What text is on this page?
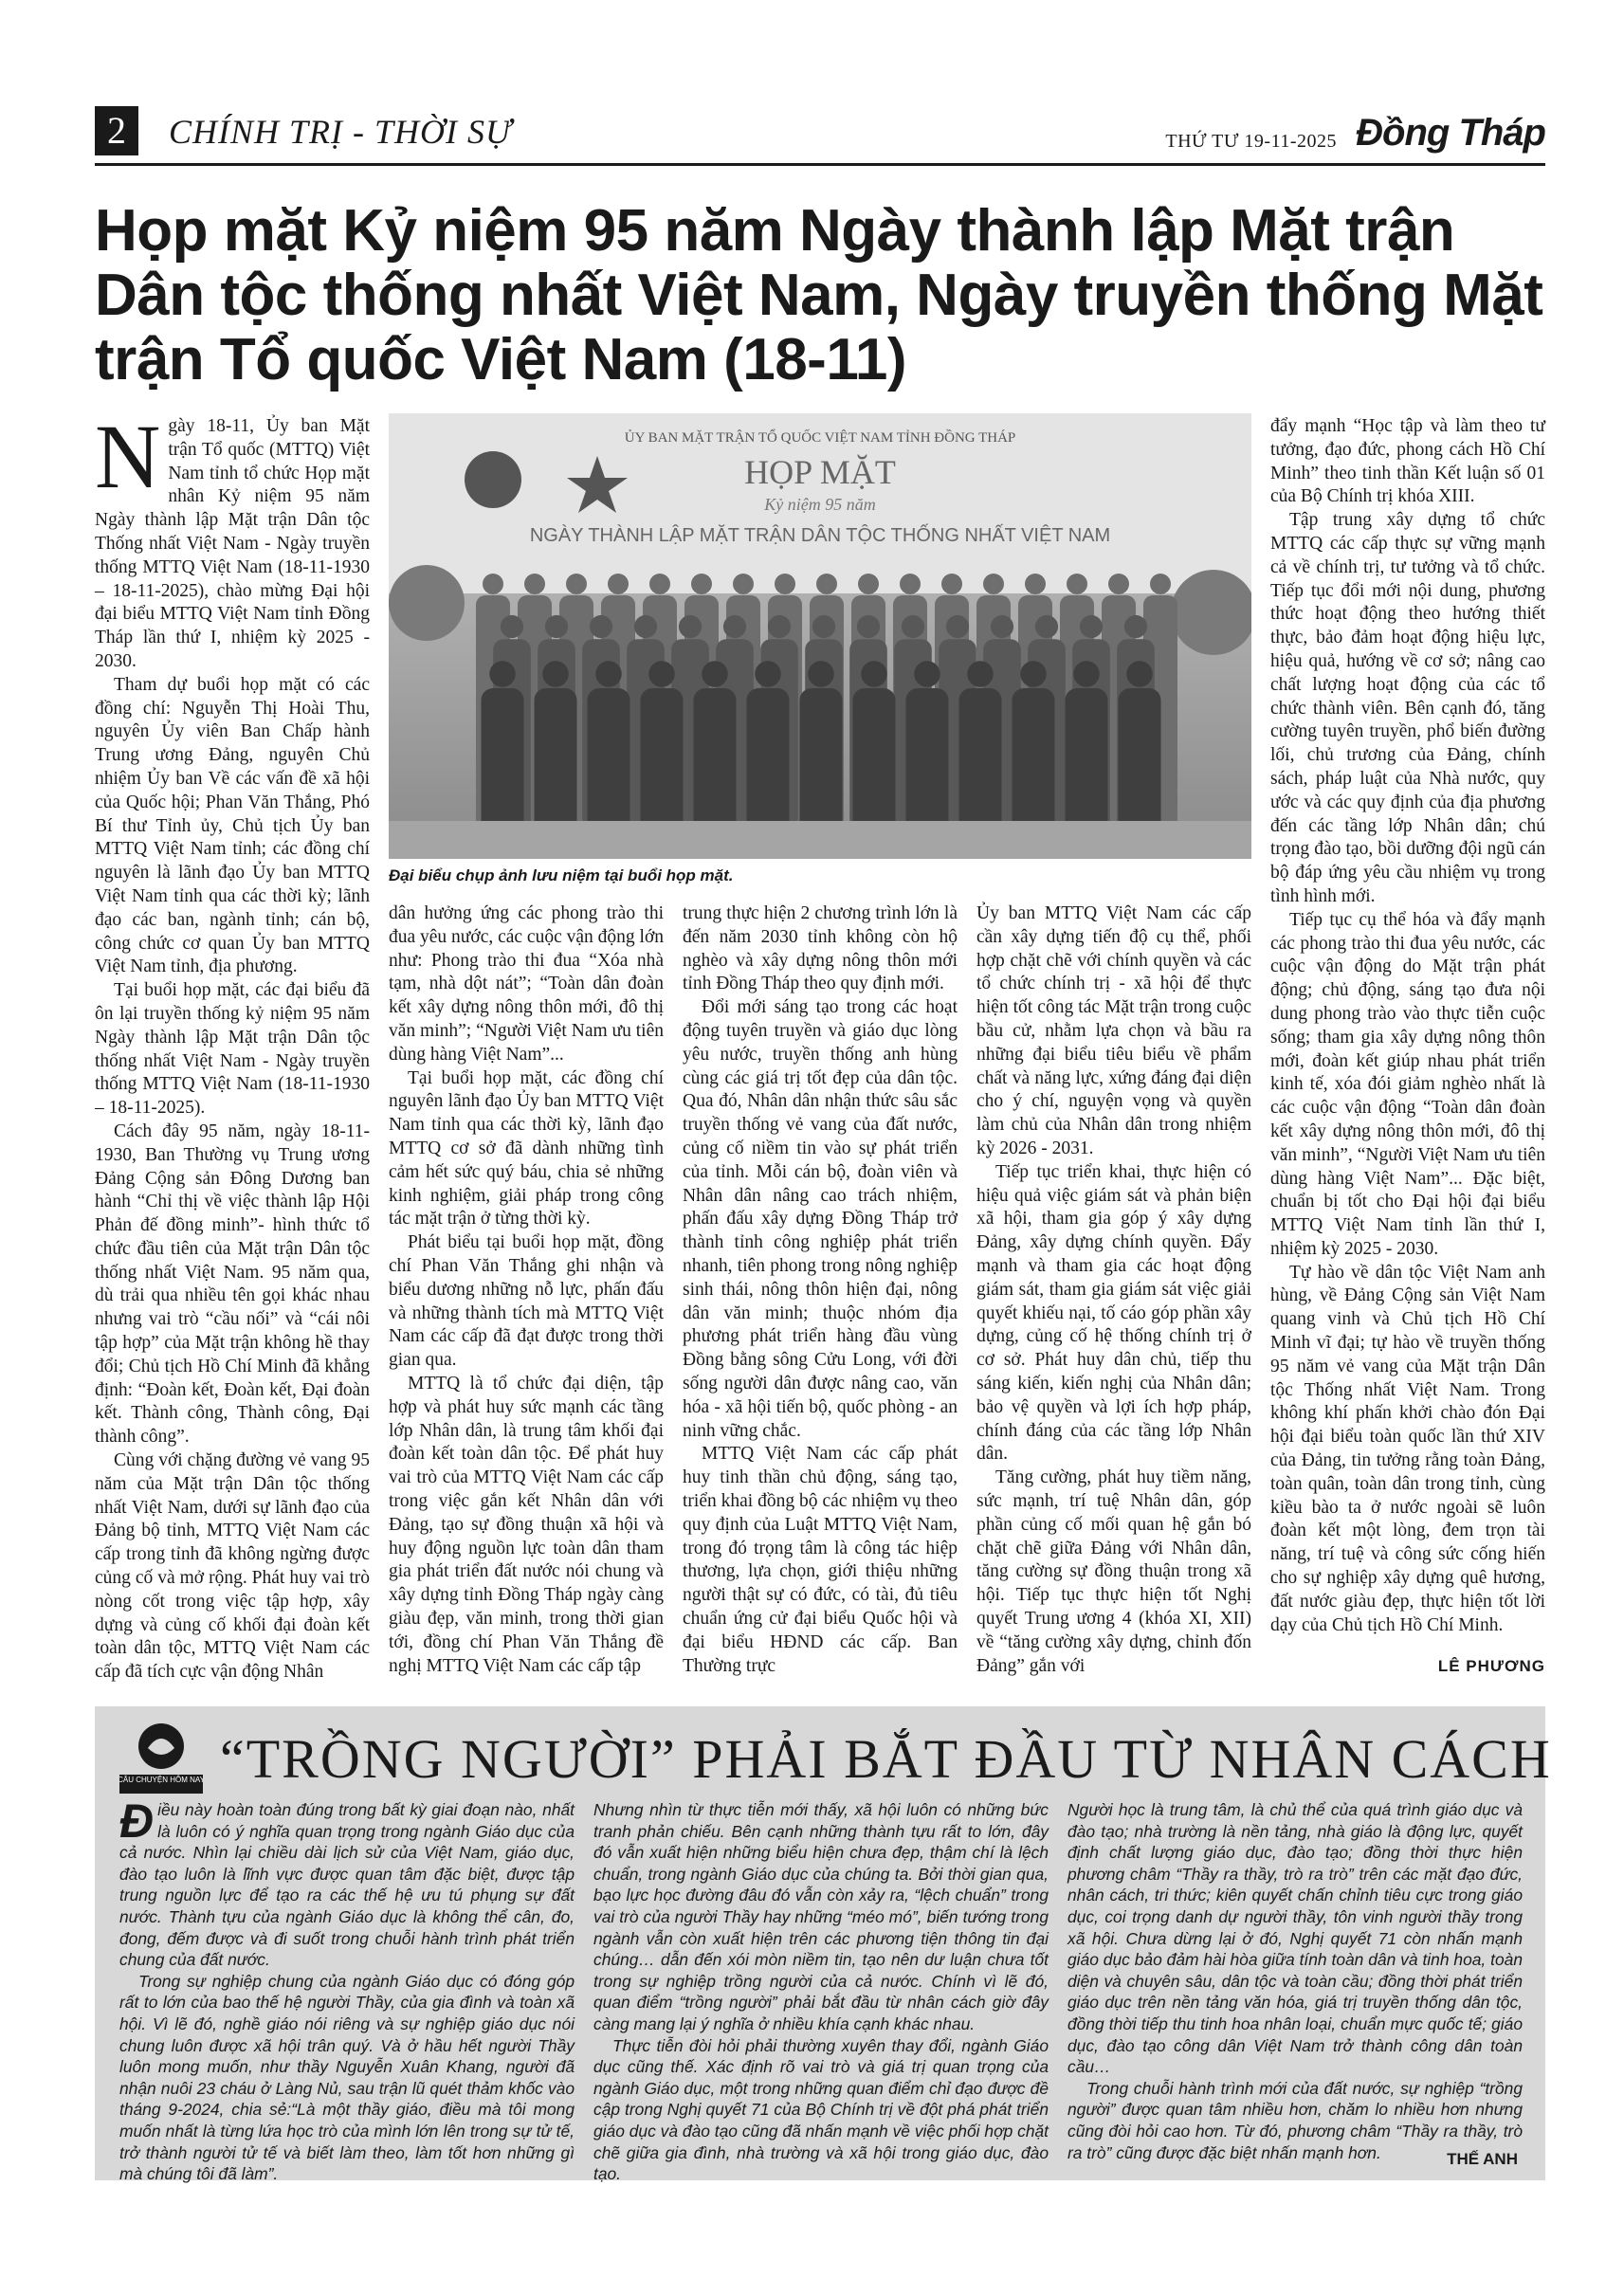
2	CHÍNH TRỊ - THỜI SỰ	THỨ TƯ 19-11-2025 Đồng Tháp
Họp mặt Kỷ niệm 95 năm Ngày thành lập Mặt trận Dân tộc thống nhất Việt Nam, Ngày truyền thống Mặt trận Tổ quốc Việt Nam (18-11)

Ngày 18-11, Ủy ban Mặt trận Tổ quốc (MTTQ) Việt Nam tỉnh tổ chức Họp mặt nhân Kỷ niệm 95 năm Ngày thành lập Mặt trận Dân tộc Thống nhất Việt Nam - Ngày truyền thống MTTQ Việt Nam (18-11-1930 – 18-11-2025), chào mừng Đại hội đại biểu MTTQ Việt Nam tỉnh Đồng Tháp lần thứ I, nhiệm kỳ 2025 - 2030.

Tham dự buổi họp mặt có các đồng chí: Nguyễn Thị Hoài Thu, nguyên Ủy viên Ban Chấp hành Trung ương Đảng, nguyên Chủ nhiệm Ủy ban Về các vấn đề xã hội của Quốc hội; Phan Văn Thắng, Phó Bí thư Tỉnh ủy, Chủ tịch Ủy ban MTTQ Việt Nam tỉnh; các đồng chí nguyên là lãnh đạo Ủy ban MTTQ Việt Nam tỉnh qua các thời kỳ; lãnh đạo các ban, ngành tỉnh; cán bộ, công chức cơ quan Ủy ban MTTQ Việt Nam tỉnh, địa phương.

Tại buổi họp mặt, các đại biểu đã ôn lại truyền thống kỷ niệm 95 năm Ngày thành lập Mặt trận Dân tộc thống nhất Việt Nam - Ngày truyền thống MTTQ Việt Nam (18-11-1930 – 18-11-2025).

Cách đây 95 năm, ngày 18-11-1930, Ban Thường vụ Trung ương Đảng Cộng sản Đông Dương ban hành “Chỉ thị về việc thành lập Hội Phản đế đồng minh”- hình thức tổ chức đầu tiên của Mặt trận Dân tộc thống nhất Việt Nam. 95 năm qua, dù trải qua nhiều tên gọi khác nhau nhưng vai trò “cầu nối” và “cái nôi tập hợp” của Mặt trận không hề thay đổi; Chủ tịch Hồ Chí Minh đã khẳng định: “Đoàn kết, Đoàn kết, Đại đoàn kết. Thành công, Thành công, Đại thành công”.

Cùng với chặng đường vẻ vang 95 năm của Mặt trận Dân tộc thống nhất Việt Nam, dưới sự lãnh đạo của Đảng bộ tỉnh, MTTQ Việt Nam các cấp trong tỉnh đã không ngừng được củng cố và mở rộng. Phát huy vai trò nòng cốt trong việc tập hợp, xây dựng và củng cố khối đại đoàn kết toàn dân tộc, MTTQ Việt Nam các cấp đã tích cực vận động Nhân

ỦY BAN MẶT TRẬN TỔ QUỐC VIỆT NAM TỈNH ĐỒNG THÁP
HỌP MẶT
Kỷ niệm 95 năm
NGÀY THÀNH LẬP MẶT TRẬN DÂN TỘC THỐNG NHẤT VIỆT NAM
Đại biểu chụp ảnh lưu niệm tại buổi họp mặt.

dân hưởng ứng các phong trào thi đua yêu nước, các cuộc vận động lớn như: Phong trào thi đua “Xóa nhà tạm, nhà dột nát”; “Toàn dân đoàn kết xây dựng nông thôn mới, đô thị văn minh”; “Người Việt Nam ưu tiên dùng hàng Việt Nam”...

Tại buổi họp mặt, các đồng chí nguyên lãnh đạo Ủy ban MTTQ Việt Nam tỉnh qua các thời kỳ, lãnh đạo MTTQ cơ sở đã dành những tình cảm hết sức quý báu, chia sẻ những kinh nghiệm, giải pháp trong công tác mặt trận ở từng thời kỳ.

Phát biểu tại buổi họp mặt, đồng chí Phan Văn Thắng ghi nhận và biểu dương những nỗ lực, phấn đấu và những thành tích mà MTTQ Việt Nam các cấp đã đạt được trong thời gian qua.

MTTQ là tổ chức đại diện, tập hợp và phát huy sức mạnh các tầng lớp Nhân dân, là trung tâm khối đại đoàn kết toàn dân tộc. Để phát huy vai trò của MTTQ Việt Nam các cấp trong việc gắn kết Nhân dân với Đảng, tạo sự đồng thuận xã hội và huy động nguồn lực toàn dân tham gia phát triển đất nước nói chung và xây dựng tỉnh Đồng Tháp ngày càng giàu đẹp, văn minh, trong thời gian tới, đồng chí Phan Văn Thắng đề nghị MTTQ Việt Nam các cấp tập

trung thực hiện 2 chương trình lớn là đến năm 2030 tỉnh không còn hộ nghèo và xây dựng nông thôn mới tỉnh Đồng Tháp theo quy định mới.

Đổi mới sáng tạo trong các hoạt động tuyên truyền và giáo dục lòng yêu nước, truyền thống anh hùng cùng các giá trị tốt đẹp của dân tộc. Qua đó, Nhân dân nhận thức sâu sắc truyền thống vẻ vang của đất nước, củng cố niềm tin vào sự phát triển của tỉnh. Mỗi cán bộ, đoàn viên và Nhân dân nâng cao trách nhiệm, phấn đấu xây dựng Đồng Tháp trở thành tỉnh công nghiệp phát triển nhanh, tiên phong trong nông nghiệp sinh thái, nông thôn hiện đại, nông dân văn minh; thuộc nhóm địa phương phát triển hàng đầu vùng Đồng bằng sông Cửu Long, với đời sống người dân được nâng cao, văn hóa - xã hội tiến bộ, quốc phòng - an ninh vững chắc.

MTTQ Việt Nam các cấp phát huy tinh thần chủ động, sáng tạo, triển khai đồng bộ các nhiệm vụ theo quy định của Luật MTTQ Việt Nam, trong đó trọng tâm là công tác hiệp thương, lựa chọn, giới thiệu những người thật sự có đức, có tài, đủ tiêu chuẩn ứng cử đại biểu Quốc hội và đại biểu HĐND các cấp. Ban Thường trực

Ủy ban MTTQ Việt Nam các cấp cần xây dựng tiến độ cụ thể, phối hợp chặt chẽ với chính quyền và các tổ chức chính trị - xã hội để thực hiện tốt công tác Mặt trận trong cuộc bầu cử, nhằm lựa chọn và bầu ra những đại biểu tiêu biểu về phẩm chất và năng lực, xứng đáng đại diện cho ý chí, nguyện vọng và quyền làm chủ của Nhân dân trong nhiệm kỳ 2026 - 2031.

Tiếp tục triển khai, thực hiện có hiệu quả việc giám sát và phản biện xã hội, tham gia góp ý xây dựng Đảng, xây dựng chính quyền. Đẩy mạnh và tham gia các hoạt động giám sát, tham gia giám sát việc giải quyết khiếu nại, tố cáo góp phần xây dựng, củng cố hệ thống chính trị ở cơ sở. Phát huy dân chủ, tiếp thu sáng kiến, kiến nghị của Nhân dân; bảo vệ quyền và lợi ích hợp pháp, chính đáng của các tầng lớp Nhân dân.

Tăng cường, phát huy tiềm năng, sức mạnh, trí tuệ Nhân dân, góp phần củng cố mối quan hệ gắn bó chặt chẽ giữa Đảng với Nhân dân, tăng cường sự đồng thuận trong xã hội. Tiếp tục thực hiện tốt Nghị quyết Trung ương 4 (khóa XI, XII) về “tăng cường xây dựng, chỉnh đốn Đảng” gắn với

đẩy mạnh “Học tập và làm theo tư tưởng, đạo đức, phong cách Hồ Chí Minh” theo tinh thần Kết luận số 01 của Bộ Chính trị khóa XIII.

Tập trung xây dựng tổ chức MTTQ các cấp thực sự vững mạnh cả về chính trị, tư tưởng và tổ chức. Tiếp tục đổi mới nội dung, phương thức hoạt động theo hướng thiết thực, bảo đảm hoạt động hiệu lực, hiệu quả, hướng về cơ sở; nâng cao chất lượng hoạt động của các tổ chức thành viên. Bên cạnh đó, tăng cường tuyên truyền, phổ biến đường lối, chủ trương của Đảng, chính sách, pháp luật của Nhà nước, quy ước và các quy định của địa phương đến các tầng lớp Nhân dân; chú trọng đào tạo, bồi dưỡng đội ngũ cán bộ đáp ứng yêu cầu nhiệm vụ trong tình hình mới.

Tiếp tục cụ thể hóa và đẩy mạnh các phong trào thi đua yêu nước, các cuộc vận động do Mặt trận phát động; chủ động, sáng tạo đưa nội dung phong trào vào thực tiễn cuộc sống; tham gia xây dựng nông thôn mới, đoàn kết giúp nhau phát triển kinh tế, xóa đói giảm nghèo nhất là các cuộc vận động “Toàn dân đoàn kết xây dựng nông thôn mới, đô thị văn minh”, “Người Việt Nam ưu tiên dùng hàng Việt Nam”... Đặc biệt, chuẩn bị tốt cho Đại hội đại biểu MTTQ Việt Nam tỉnh lần thứ I, nhiệm kỳ 2025 - 2030.

Tự hào về dân tộc Việt Nam anh hùng, về Đảng Cộng sản Việt Nam quang vinh và Chủ tịch Hồ Chí Minh vĩ đại; tự hào về truyền thống 95 năm vẻ vang của Mặt trận Dân tộc Thống nhất Việt Nam. Trong không khí phấn khởi chào đón Đại hội đại biểu toàn quốc lần thứ XIV của Đảng, tin tưởng rằng toàn Đảng, toàn quân, toàn dân trong tỉnh, cùng kiều bào ta ở nước ngoài sẽ luôn đoàn kết một lòng, đem trọn tài năng, trí tuệ và công sức cống hiến cho sự nghiệp xây dựng quê hương, đất nước giàu đẹp, thực hiện tốt lời dạy của Chủ tịch Hồ Chí Minh.

LÊ PHƯƠNG
CÂU CHUYỆN HÔM NAY “TRỒNG NGƯỜI” PHẢI BẮT ĐẦU TỪ NHÂN CÁCH

Điều này hoàn toàn đúng trong bất kỳ giai đoạn nào, nhất là luôn có ý nghĩa quan trọng trong ngành Giáo dục của cả nước. Nhìn lại chiều dài lịch sử của Việt Nam, giáo dục, đào tạo luôn là lĩnh vực được quan tâm đặc biệt, được tập trung nguồn lực để tạo ra các thế hệ ưu tú phụng sự đất nước. Thành tựu của ngành Giáo dục là không thể cân, đo, đong, đếm được và đi suốt trong chuỗi hành trình phát triển chung của đất nước.

Trong sự nghiệp chung của ngành Giáo dục có đóng góp rất to lớn của bao thế hệ người Thầy, của gia đình và toàn xã hội. Vì lẽ đó, nghề giáo nói riêng và sự nghiệp giáo dục nói chung luôn được xã hội trân quý. Và ở hầu hết người Thầy luôn mong muốn, như thầy Nguyễn Xuân Khang, người đã nhận nuôi 23 cháu ở Làng Nủ, sau trận lũ quét thảm khốc vào tháng 9-2024, chia sẻ:“Là một thầy giáo, điều mà tôi mong muốn nhất là từng lứa học trò của mình lớn lên trong sự tử tế, trở thành người tử tế và biết làm theo, làm tốt hơn những gì mà chúng tôi đã làm”.

Nhưng nhìn từ thực tiễn mới thấy, xã hội luôn có những bức tranh phản chiếu. Bên cạnh những thành tựu rất to lớn, đây đó vẫn xuất hiện những biểu hiện chưa đẹp, thậm chí là lệch chuẩn, trong ngành Giáo dục của chúng ta. Bởi thời gian qua, bạo lực học đường đâu đó vẫn còn xảy ra, “lệch chuẩn” trong vai trò của người Thầy hay những “méo mó”, biến tướng trong ngành vẫn còn xuất hiện trên các phương tiện thông tin đại chúng… dẫn đến xói mòn niềm tin, tạo nên dư luận chưa tốt trong sự nghiệp trồng người của cả nước. Chính vì lẽ đó, quan điểm “trồng người” phải bắt đầu từ nhân cách giờ đây càng mang lại ý nghĩa ở nhiều khía cạnh khác nhau.

Thực tiễn đòi hỏi phải thường xuyên thay đổi, ngành Giáo dục cũng thế. Xác định rõ vai trò và giá trị quan trọng của ngành Giáo dục, một trong những quan điểm chỉ đạo được đề cập trong Nghị quyết 71 của Bộ Chính trị về đột phá phát triển giáo dục và đào tạo cũng đã nhấn mạnh về việc phối hợp chặt chẽ giữa gia đình, nhà trường và xã hội trong giáo dục, đào tạo.

Người học là trung tâm, là chủ thể của quá trình giáo dục và đào tạo; nhà trường là nền tảng, nhà giáo là động lực, quyết định chất lượng giáo dục, đào tạo; đồng thời thực hiện phương châm “Thầy ra thầy, trò ra trò” trên các mặt đạo đức, nhân cách, tri thức; kiên quyết chấn chỉnh tiêu cực trong giáo dục, coi trọng danh dự người thầy, tôn vinh người thầy trong xã hội. Chưa dừng lại ở đó, Nghị quyết 71 còn nhấn mạnh giáo dục bảo đảm hài hòa giữa tính toàn dân và tinh hoa, toàn diện và chuyên sâu, dân tộc và toàn cầu; đồng thời phát triển giáo dục trên nền tảng văn hóa, giá trị truyền thống dân tộc, đồng thời tiếp thu tinh hoa nhân loại, chuẩn mực quốc tế; giáo dục, đào tạo công dân Việt Nam trở thành công dân toàn cầu…

Trong chuỗi hành trình mới của đất nước, sự nghiệp “trồng người” được quan tâm nhiều hơn, chăm lo nhiều hơn nhưng cũng đòi hỏi cao hơn. Từ đó, phương châm “Thầy ra thầy, trò ra trò” cũng được đặc biệt nhấn mạnh hơn.	THẾ ANH
